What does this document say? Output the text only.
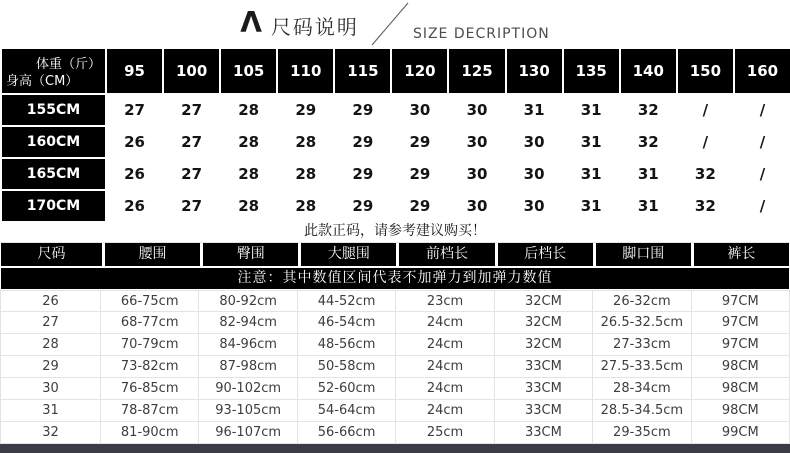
Λ 尺码说明	SIZE DECRIPTION
体重（斤）
身高（CM）
95	100	105	110	115	120	125	130	135	140	150	160
155CM	27	27	28	29	29	30	30	31	31	32	/	/
160CM	26	27	28	28	29	29	30	30	31	32	/	/
165CM	26	27	28	28	29	29	30	30	31	31	32	/
170CM	26	27	28	28	29	29	30	30	31	31	32	/
此款正码，请参考建议购买！
尺码	腰围	臀围	大腿围	前档长	后档长	脚口围	裤长
注意：其中数值区间代表不加弹力到加弹力数值
26	66-75cm	80-92cm	44-52cm	23cm	32CM	26-32cm	97CM
27	68-77cm	82-94cm	46-54cm	24cm	32CM	26.5-32.5cm	97CM
28	70-79cm	84-96cm	48-56cm	24cm	32CM	27-33cm	97CM
29	73-82cm	87-98cm	50-58cm	24cm	33CM	27.5-33.5cm	98CM
30	76-85cm	90-102cm	52-60cm	24cm	33CM	28-34cm	98CM
31	78-87cm	93-105cm	54-64cm	24cm	33CM	28.5-34.5cm	98CM
32	81-90cm	96-107cm	56-66cm	25cm	33CM	29-35cm	99CM
